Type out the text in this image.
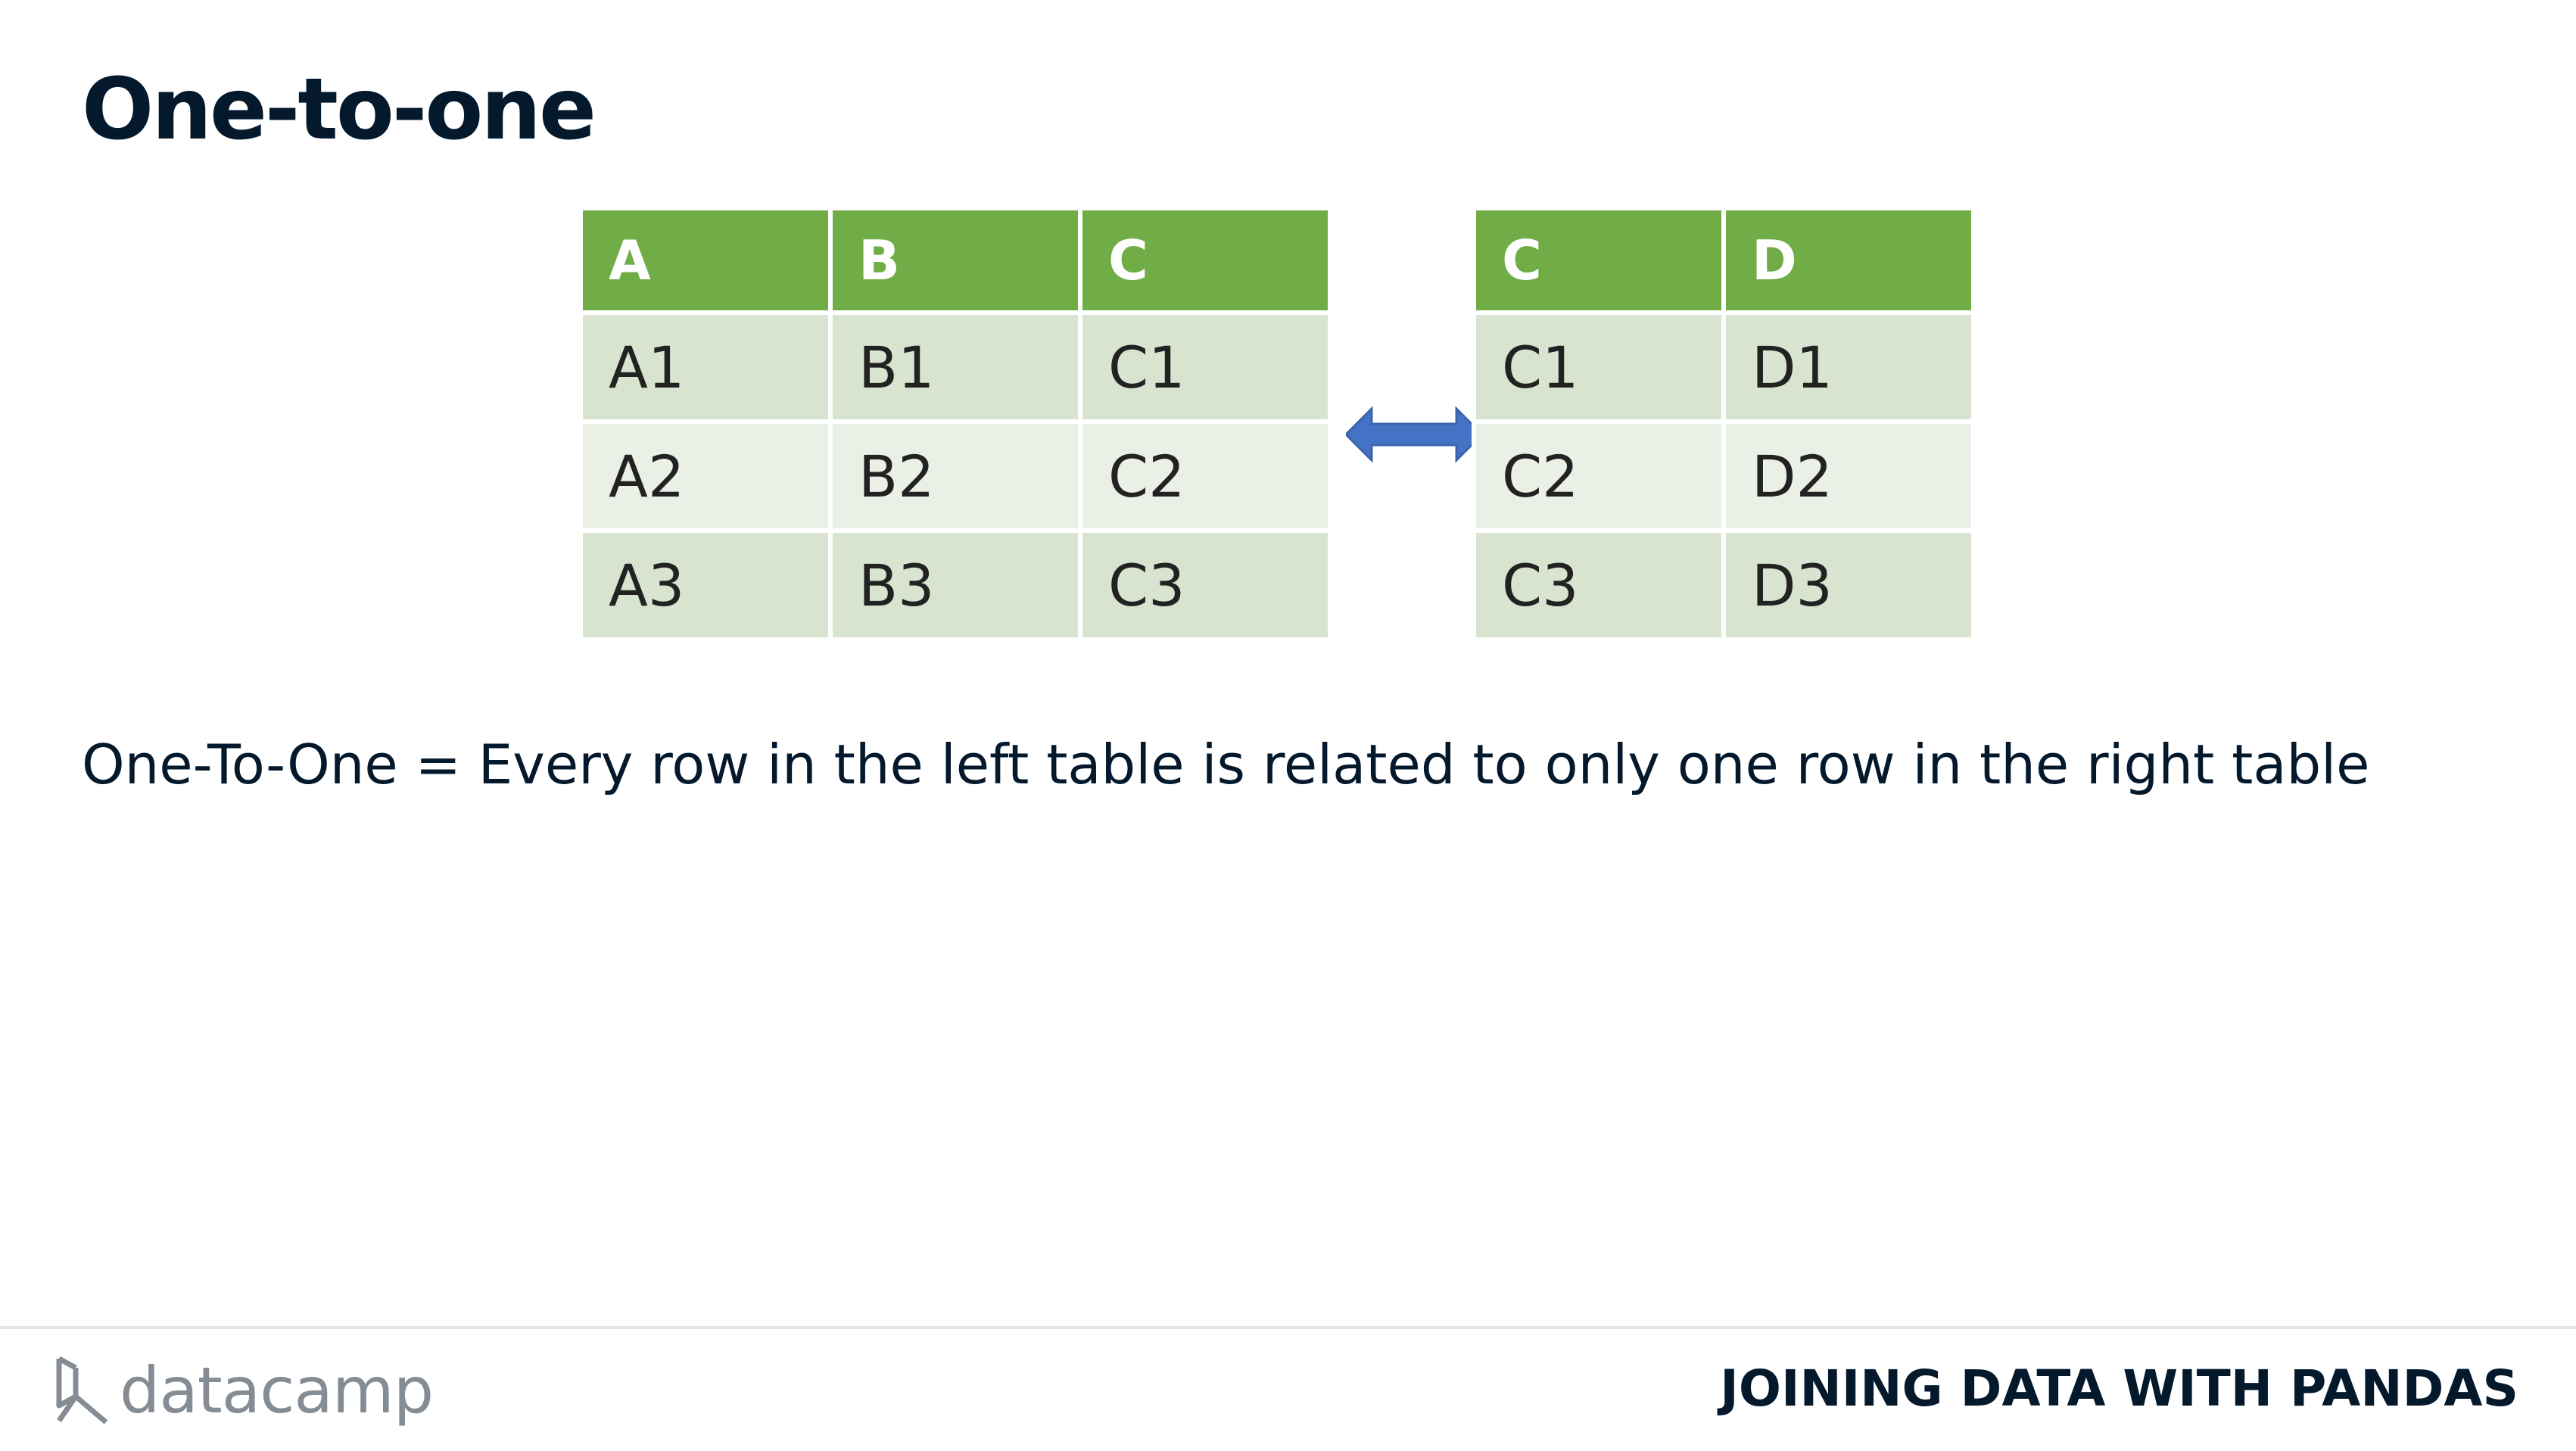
One-to-one
A	B	C
A1	B1	C1
A2	B2	C2
A3	B3	C3
C	D
C1	D1
C2	D2
C3	D3
One-To-One = Every row in the left table is related to only one row in the right table
datacamp	JOINING DATA WITH PANDAS
